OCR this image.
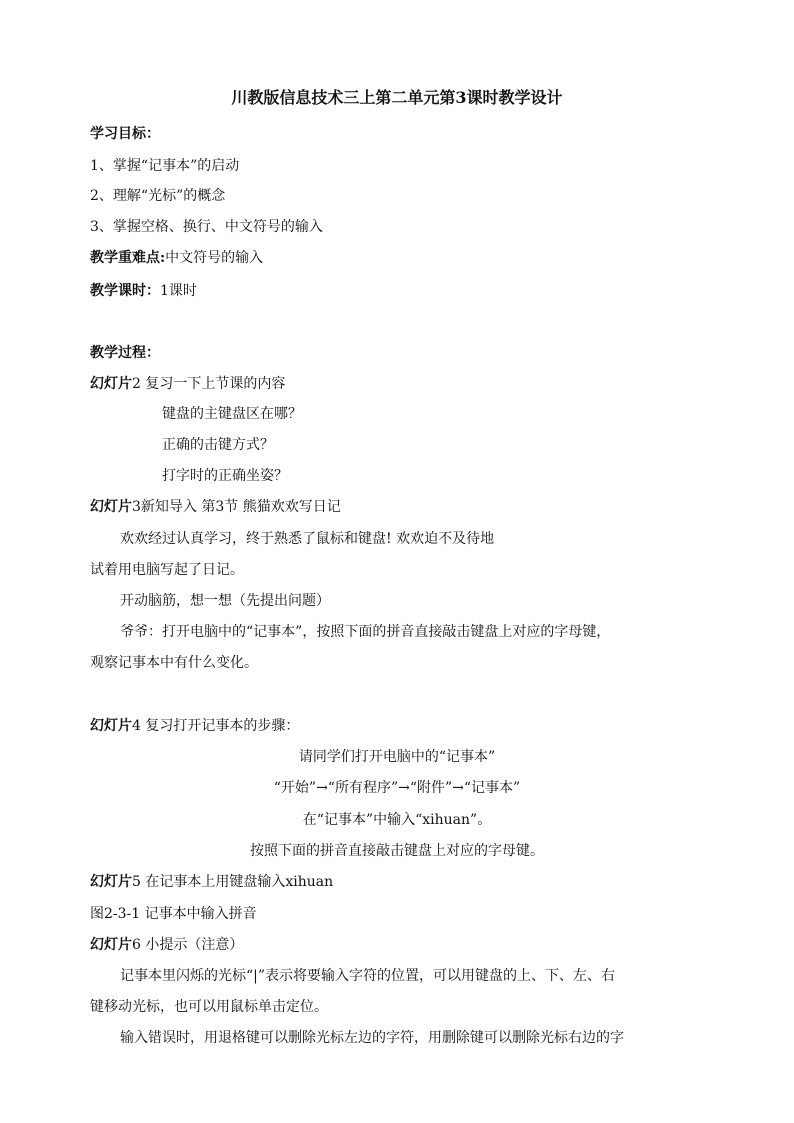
川教版信息技术三上第二单元第3课时教学设计
学习目标：
1、掌握“记事本”的启动
2、理解“光标”的概念
3、掌握空格、换行、中文符号的输入
教学重难点:中文符号的输入
教学课时：1课时
教学过程：
幻灯片2 复习一下上节课的内容
键盘的主键盘区在哪？
正确的击键方式？
打字时的正确坐姿？
幻灯片3新知导入 第3节 熊猫欢欢写日记
欢欢经过认真学习，终于熟悉了鼠标和键盘! 欢欢迫不及待地
试着用电脑写起了日记。
开动脑筋，想一想（先提出问题）
爷爷：打开电脑中的“记事本”，按照下面的拼音直接敲击键盘上对应的字母键，
观察记事本中有什么变化。
幻灯片4 复习打开记事本的步骤：
请同学们打开电脑中的“记事本”
“开始”→“所有程序”→“附件”→“记事本”
在“记事本”中输入“xihuan”。
按照下面的拼音直接敲击键盘上对应的字母键。
幻灯片5 在记事本上用键盘输入xihuan
图2-3-1 记事本中输入拼音
幻灯片6 小提示（注意）
记事本里闪烁的光标“|”表示将要输入字符的位置，可以用键盘的上、下、左、右
键移动光标，也可以用鼠标单击定位。
输入错误时，用退格键可以删除光标左边的字符，用删除键可以删除光标右边的字
